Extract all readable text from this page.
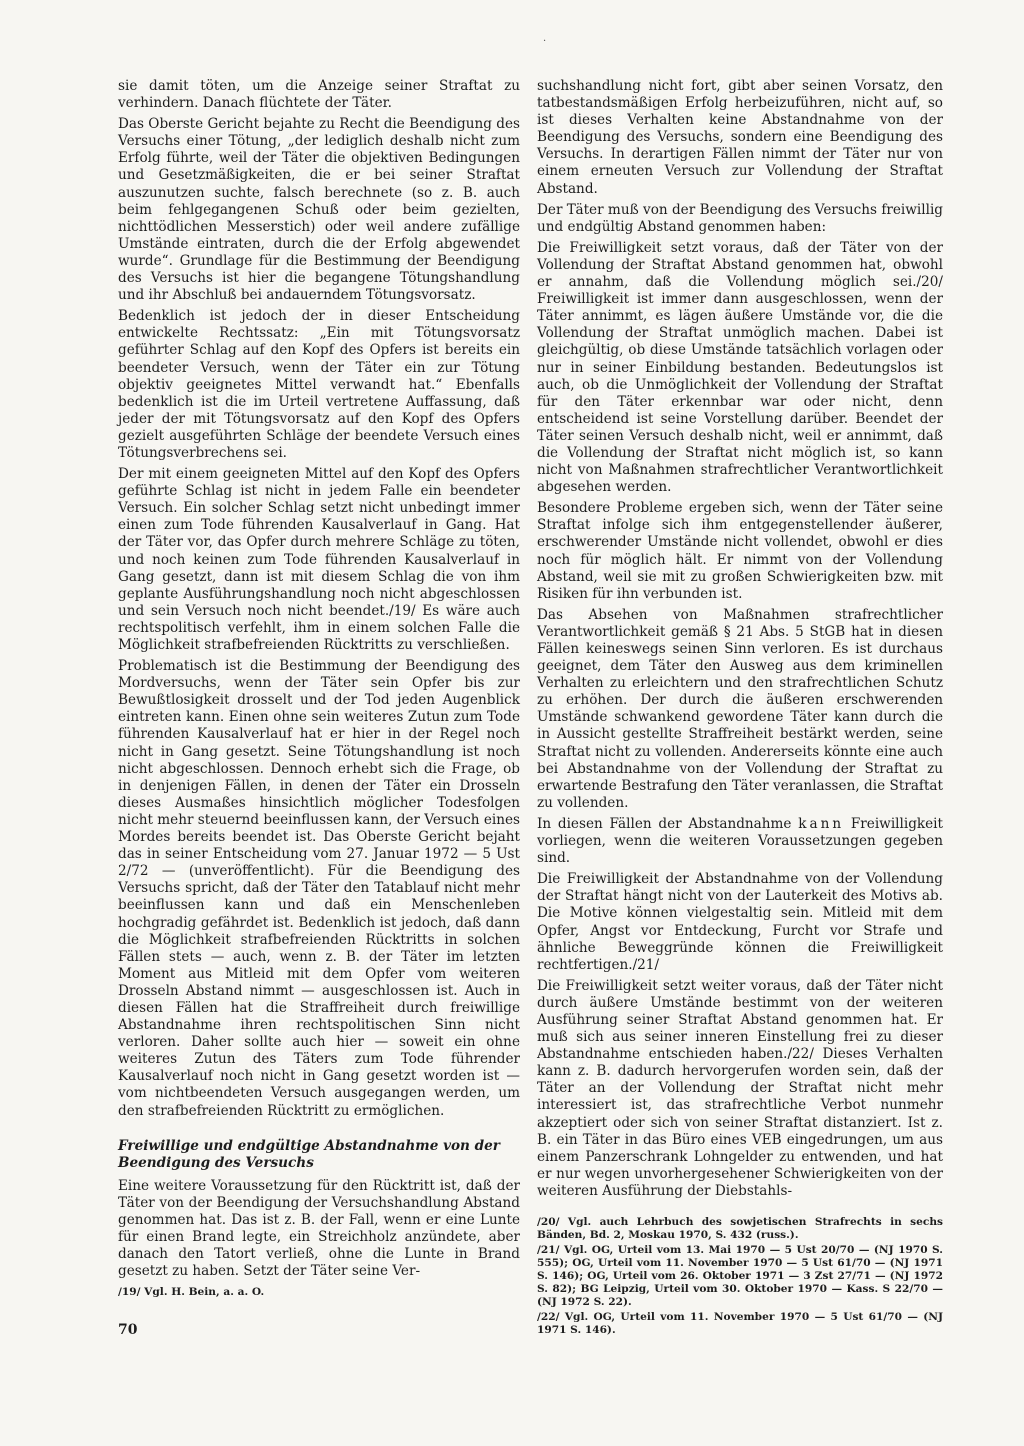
·

sie damit töten, um die Anzeige seiner Straftat zu verhindern. Danach flüchtete der Täter.

Das Oberste Gericht bejahte zu Recht die Beendigung des Versuchs einer Tötung, „der lediglich deshalb nicht zum Erfolg führte, weil der Täter die objektiven Bedingungen und Gesetzmäßigkeiten, die er bei seiner Straftat auszunutzen suchte, falsch berechnete (so z. B. auch beim fehlgegangenen Schuß oder beim gezielten, nichttödlichen Messerstich) oder weil andere zufällige Umstände eintraten, durch die der Erfolg abgewendet wurde“. Grundlage für die Bestimmung der Beendigung des Versuchs ist hier die begangene Tötungshandlung und ihr Abschluß bei andauerndem Tötungsvorsatz.

Bedenklich ist jedoch der in dieser Entscheidung entwickelte Rechtssatz: „Ein mit Tötungsvorsatz geführter Schlag auf den Kopf des Opfers ist bereits ein beendeter Versuch, wenn der Täter ein zur Tötung objektiv geeignetes Mittel verwandt hat.“ Ebenfalls bedenklich ist die im Urteil vertretene Auffassung, daß jeder der mit Tötungsvorsatz auf den Kopf des Opfers gezielt ausgeführten Schläge der beendete Versuch eines Tötungsverbrechens sei.

Der mit einem geeigneten Mittel auf den Kopf des Opfers geführte Schlag ist nicht in jedem Falle ein beendeter Versuch. Ein solcher Schlag setzt nicht unbedingt immer einen zum Tode führenden Kausalverlauf in Gang. Hat der Täter vor, das Opfer durch mehrere Schläge zu töten, und noch keinen zum Tode führenden Kausalverlauf in Gang gesetzt, dann ist mit diesem Schlag die von ihm geplante Ausführungshandlung noch nicht abgeschlossen und sein Versuch noch nicht beendet./19/ Es wäre auch rechtspolitisch verfehlt, ihm in einem solchen Falle die Möglichkeit strafbefreienden Rücktritts zu verschließen.

Problematisch ist die Bestimmung der Beendigung des Mordversuchs, wenn der Täter sein Opfer bis zur Bewußtlosigkeit drosselt und der Tod jeden Augenblick eintreten kann. Einen ohne sein weiteres Zutun zum Tode führenden Kausalverlauf hat er hier in der Regel noch nicht in Gang gesetzt. Seine Tötungshandlung ist noch nicht abgeschlossen. Dennoch erhebt sich die Frage, ob in denjenigen Fällen, in denen der Täter ein Drosseln dieses Ausmaßes hinsichtlich möglicher Todesfolgen nicht mehr steuernd beeinflussen kann, der Versuch eines Mordes bereits beendet ist. Das Oberste Gericht bejaht das in seiner Entscheidung vom 27. Januar 1972 — 5 Ust 2/72 — (unveröffentlicht). Für die Beendigung des Versuchs spricht, daß der Täter den Tatablauf nicht mehr beeinflussen kann und daß ein Menschenleben hochgradig gefährdet ist. Bedenklich ist jedoch, daß dann die Möglichkeit strafbefreienden Rücktritts in solchen Fällen stets — auch, wenn z. B. der Täter im letzten Moment aus Mitleid mit dem Opfer vom weiteren Drosseln Abstand nimmt — ausgeschlossen ist. Auch in diesen Fällen hat die Straffreiheit durch freiwillige Abstandnahme ihren rechtspolitischen Sinn nicht verloren. Daher sollte auch hier — soweit ein ohne weiteres Zutun des Täters zum Tode führender Kausalverlauf noch nicht in Gang gesetzt worden ist — vom nichtbeendeten Versuch ausgegangen werden, um den strafbefreienden Rücktritt zu ermöglichen.

Freiwillige und endgültige Abstandnahme von der Beendigung des Versuchs

Eine weitere Voraussetzung für den Rücktritt ist, daß der Täter von der Beendigung der Versuchshandlung Abstand genommen hat. Das ist z. B. der Fall, wenn er eine Lunte für einen Brand legte, ein Streichholz anzündete, aber danach den Tatort verließ, ohne die Lunte in Brand gesetzt zu haben. Setzt der Täter seine Ver-

/19/ Vgl. H. Bein, a. a. O.

suchshandlung nicht fort, gibt aber seinen Vorsatz, den tatbestandsmäßigen Erfolg herbeizuführen, nicht auf, so ist dieses Verhalten keine Abstandnahme von der Beendigung des Versuchs, sondern eine Beendigung des Versuchs. In derartigen Fällen nimmt der Täter nur von einem erneuten Versuch zur Vollendung der Straftat Abstand.

Der Täter muß von der Beendigung des Versuchs freiwillig und endgültig Abstand genommen haben:

Die Freiwilligkeit setzt voraus, daß der Täter von der Vollendung der Straftat Abstand genommen hat, obwohl er annahm, daß die Vollendung möglich sei./20/ Freiwilligkeit ist immer dann ausgeschlossen, wenn der Täter annimmt, es lägen äußere Umstände vor, die die Vollendung der Straftat unmöglich machen. Dabei ist gleichgültig, ob diese Umstände tatsächlich vorlagen oder nur in seiner Einbildung bestanden. Bedeutungslos ist auch, ob die Unmöglichkeit der Vollendung der Straftat für den Täter erkennbar war oder nicht, denn entscheidend ist seine Vorstellung darüber. Beendet der Täter seinen Versuch deshalb nicht, weil er annimmt, daß die Vollendung der Straftat nicht möglich ist, so kann nicht von Maßnahmen strafrechtlicher Verantwortlichkeit abgesehen werden.

Besondere Probleme ergeben sich, wenn der Täter seine Straftat infolge sich ihm entgegenstellender äußerer, erschwerender Umstände nicht vollendet, obwohl er dies noch für möglich hält. Er nimmt von der Vollendung Abstand, weil sie mit zu großen Schwierigkeiten bzw. mit Risiken für ihn verbunden ist.

Das Absehen von Maßnahmen strafrechtlicher Verantwortlichkeit gemäß § 21 Abs. 5 StGB hat in diesen Fällen keineswegs seinen Sinn verloren. Es ist durchaus geeignet, dem Täter den Ausweg aus dem kriminellen Verhalten zu erleichtern und den strafrechtlichen Schutz zu erhöhen. Der durch die äußeren erschwerenden Umstände schwankend gewordene Täter kann durch die in Aussicht gestellte Straffreiheit bestärkt werden, seine Straftat nicht zu vollenden. Andererseits könnte eine auch bei Abstandnahme von der Vollendung der Straftat zu erwartende Bestrafung den Täter veranlassen, die Straftat zu vollenden.

In diesen Fällen der Abstandnahme kann Freiwilligkeit vorliegen, wenn die weiteren Voraussetzungen gegeben sind.

Die Freiwilligkeit der Abstandnahme von der Vollendung der Straftat hängt nicht von der Lauterkeit des Motivs ab. Die Motive können vielgestaltig sein. Mitleid mit dem Opfer, Angst vor Entdeckung, Furcht vor Strafe und ähnliche Beweggründe können die Freiwilligkeit rechtfertigen./21/

Die Freiwilligkeit setzt weiter voraus, daß der Täter nicht durch äußere Umstände bestimmt von der weiteren Ausführung seiner Straftat Abstand genommen hat. Er muß sich aus seiner inneren Einstellung frei zu dieser Abstandnahme entschieden haben./22/ Dieses Verhalten kann z. B. dadurch hervorgerufen worden sein, daß der Täter an der Vollendung der Straftat nicht mehr interessiert ist, das strafrechtliche Verbot nunmehr akzeptiert oder sich von seiner Straftat distanziert. Ist z. B. ein Täter in das Büro eines VEB eingedrungen, um aus einem Panzerschrank Lohngelder zu entwenden, und hat er nur wegen unvorhergesehener Schwierigkeiten von der weiteren Ausführung der Diebstahls-

/20/ Vgl. auch Lehrbuch des sowjetischen Strafrechts in sechs Bänden, Bd. 2, Moskau 1970, S. 432 (russ.).

/21/ Vgl. OG, Urteil vom 13. Mai 1970 — 5 Ust 20/70 — (NJ 1970 S. 555); OG, Urteil vom 11. November 1970 — 5 Ust 61/70 — (NJ 1971 S. 146); OG, Urteil vom 26. Oktober 1971 — 3 Zst 27/71 — (NJ 1972 S. 82); BG Leipzig, Urteil vom 30. Oktober 1970 — Kass. S 22/70 — (NJ 1972 S. 22).

/22/ Vgl. OG, Urteil vom 11. November 1970 — 5 Ust 61/70 — (NJ 1971 S. 146).

70
